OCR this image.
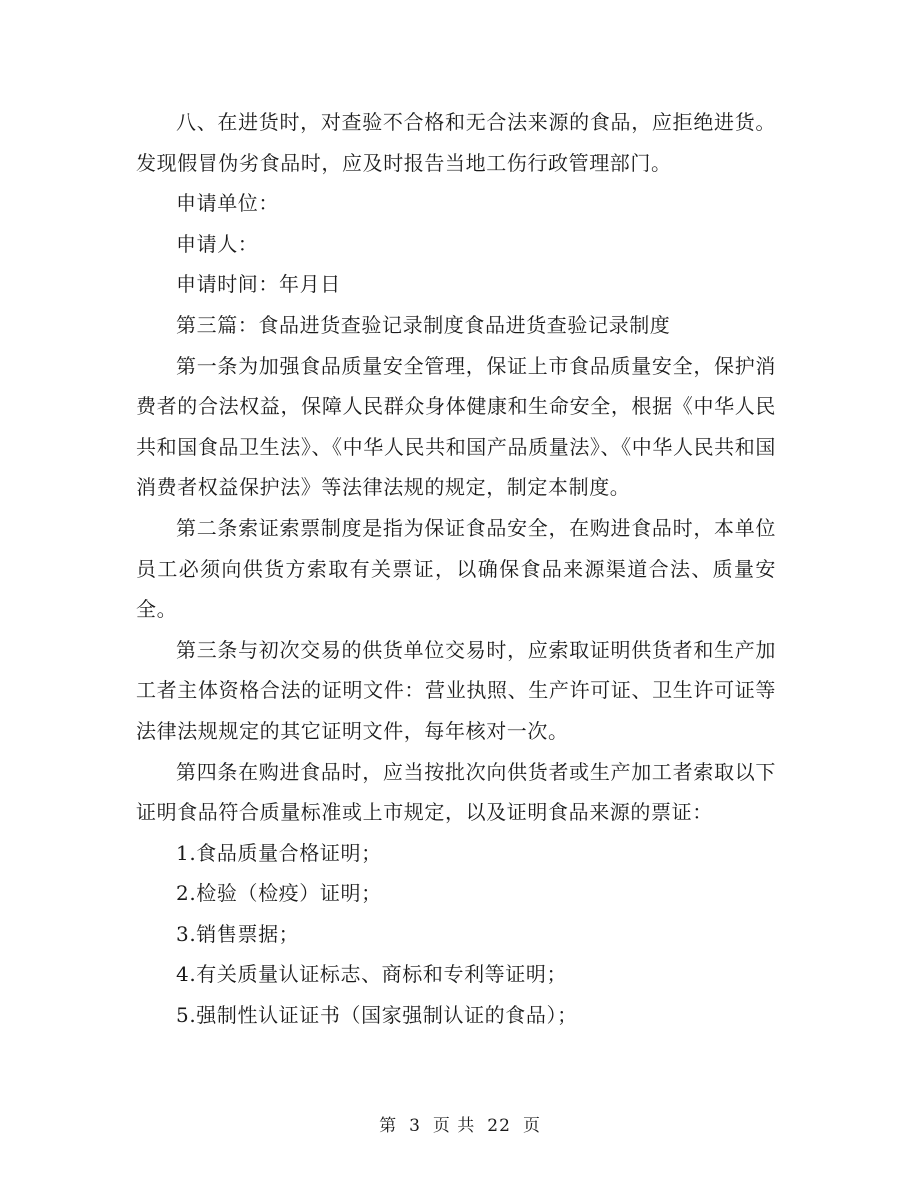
八、在进货时，对查验不合格和无合法来源的食品，应拒绝进货。发现假冒伪劣食品时，应及时报告当地工伤行政管理部门。

申请单位：

申请人：

申请时间：年月日

第三篇：食品进货查验记录制度食品进货查验记录制度

第一条为加强食品质量安全管理，保证上市食品质量安全，保护消费者的合法权益，保障人民群众身体健康和生命安全，根据《中华人民共和国食品卫生法》、《中华人民共和国产品质量法》、《中华人民共和国消费者权益保护法》等法律法规的规定，制定本制度。

第二条索证索票制度是指为保证食品安全，在购进食品时，本单位员工必须向供货方索取有关票证，以确保食品来源渠道合法、质量安全。

第三条与初次交易的供货单位交易时，应索取证明供货者和生产加工者主体资格合法的证明文件：营业执照、生产许可证、卫生许可证等法律法规规定的其它证明文件，每年核对一次。

第四条在购进食品时，应当按批次向供货者或生产加工者索取以下证明食品符合质量标准或上市规定，以及证明食品来源的票证：

1.食品质量合格证明；

2.检验（检疫）证明；

3.销售票据；

4.有关质量认证标志、商标和专利等证明；

5.强制性认证证书（国家强制认证的食品）；

第 3 页 共 22 页
